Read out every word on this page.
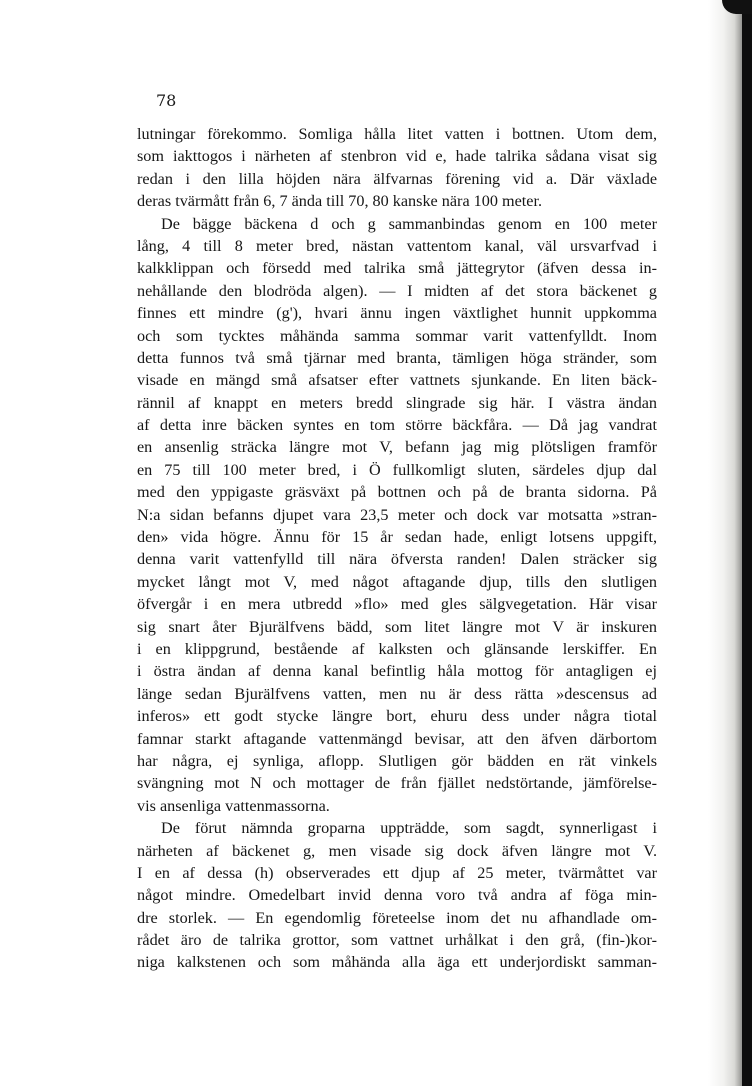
78
lutningar förekommo. Somliga hålla litet vatten i bottnen. Utom dem,
som iakttogos i närheten af stenbron vid e, hade talrika sådana visat sig
redan i den lilla höjden nära älfvarnas förening vid a. Där växlade
deras tvärmått från 6, 7 ända till 70, 80 kanske nära 100 meter.
De bägge bäckena d och g sammanbindas genom en 100 meter
lång, 4 till 8 meter bred, nästan vattentom kanal, väl ursvarfvad i
kalkklippan och försedd med talrika små jättegrytor (äfven dessa in-
nehållande den blodröda algen). — I midten af det stora bäckenet g
finnes ett mindre (g'), hvari ännu ingen växtlighet hunnit uppkomma
och som tycktes måhända samma sommar varit vattenfylldt. Inom
detta funnos två små tjärnar med branta, tämligen höga stränder, som
visade en mängd små afsatser efter vattnets sjunkande. En liten bäck-
rännil af knappt en meters bredd slingrade sig här. I västra ändan
af detta inre bäcken syntes en tom större bäckfåra. — Då jag vandrat
en ansenlig sträcka längre mot V, befann jag mig plötsligen framför
en 75 till 100 meter bred, i Ö fullkomligt sluten, särdeles djup dal
med den yppigaste gräsväxt på bottnen och på de branta sidorna. På
N:a sidan befanns djupet vara 23,5 meter och dock var motsatta »stran-
den» vida högre. Ännu för 15 år sedan hade, enligt lotsens uppgift,
denna varit vattenfylld till nära öfversta randen! Dalen sträcker sig
mycket långt mot V, med något aftagande djup, tills den slutligen
öfvergår i en mera utbredd »flo» med gles sälgvegetation. Här visar
sig snart åter Bjurälfvens bädd, som litet längre mot V är inskuren
i en klippgrund, bestående af kalksten och glänsande lerskiffer. En
i östra ändan af denna kanal befintlig håla mottog för antagligen ej
länge sedan Bjurälfvens vatten, men nu är dess rätta »descensus ad
inferos» ett godt stycke längre bort, ehuru dess under några tiotal
famnar starkt aftagande vattenmängd bevisar, att den äfven därbortom
har några, ej synliga, aflopp. Slutligen gör bädden en rät vinkels
svängning mot N och mottager de från fjället nedstörtande, jämförelse-
vis ansenliga vattenmassorna.
De förut nämnda groparna uppträdde, som sagdt, synnerligast i
närheten af bäckenet g, men visade sig dock äfven längre mot V.
I en af dessa (h) observerades ett djup af 25 meter, tvärmåttet var
något mindre. Omedelbart invid denna voro två andra af föga min-
dre storlek. — En egendomlig företeelse inom det nu afhandlade om-
rådet äro de talrika grottor, som vattnet urhålkat i den grå, (fin-)kor-
niga kalkstenen och som måhända alla äga ett underjordiskt samman-
